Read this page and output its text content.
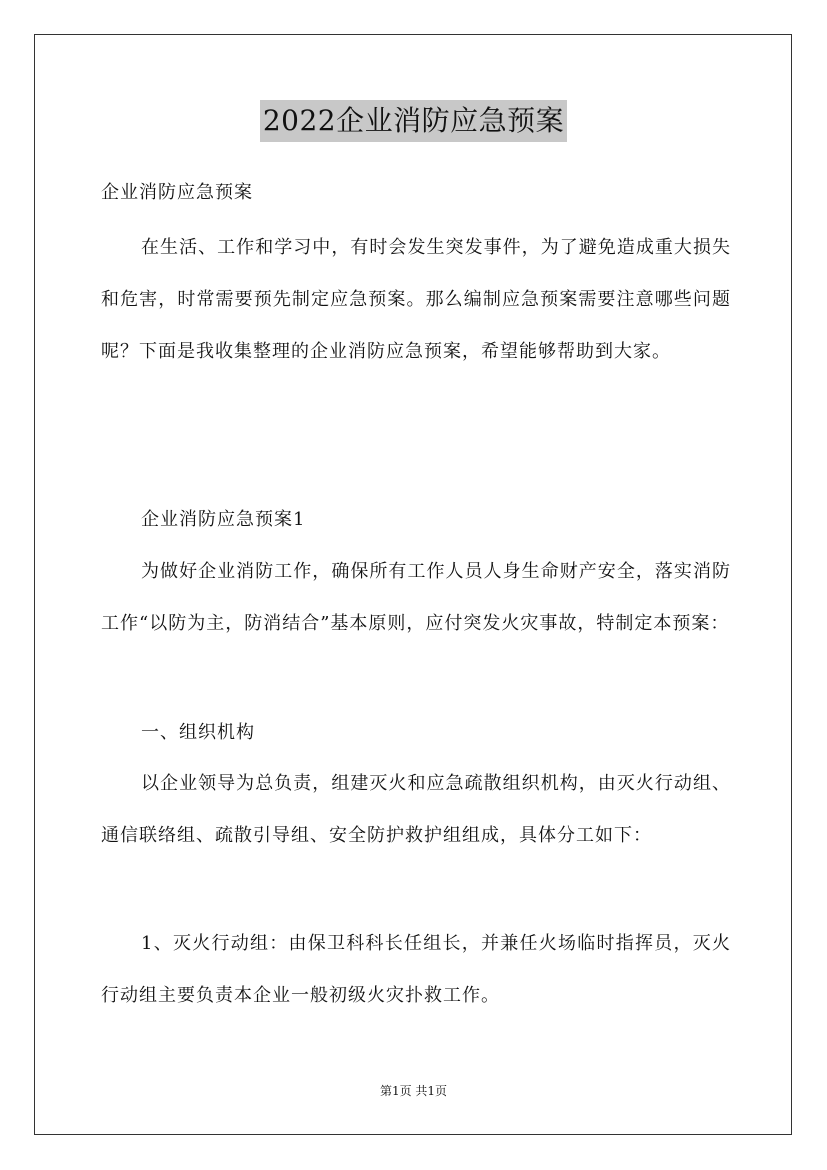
2022企业消防应急预案
企业消防应急预案

在生活、工作和学习中，有时会发生突发事件，为了避免造成重大损失和危害，时常需要预先制定应急预案。那么编制应急预案需要注意哪些问题呢？下面是我收集整理的企业消防应急预案，希望能够帮助到大家。

企业消防应急预案1

为做好企业消防工作，确保所有工作人员人身生命财产安全，落实消防工作“以防为主，防消结合”基本原则，应付突发火灾事故，特制定本预案：

一、组织机构

以企业领导为总负责，组建灭火和应急疏散组织机构，由灭火行动组、通信联络组、疏散引导组、安全防护救护组组成，具体分工如下：

1、灭火行动组：由保卫科科长任组长，并兼任火场临时指挥员，灭火行动组主要负责本企业一般初级火灾扑救工作。

第1页 共1页
